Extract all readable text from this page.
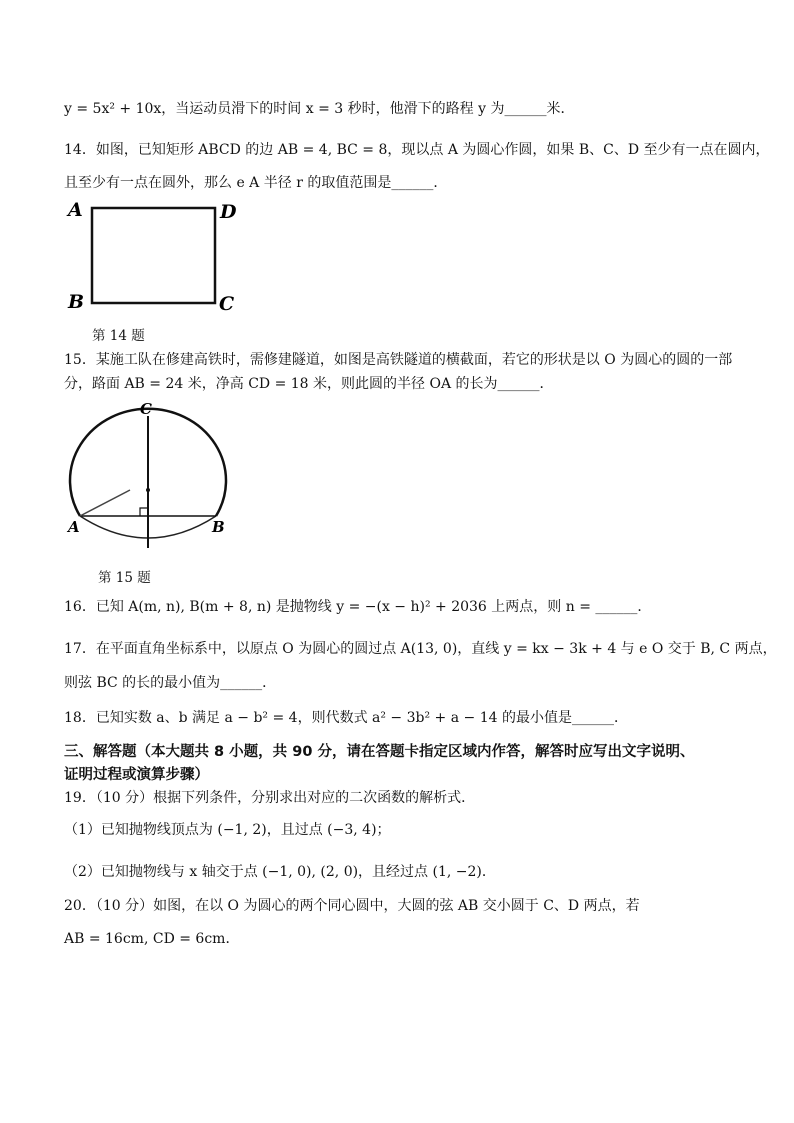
y = 5x² + 10x，当运动员滑下的时间 x = 3 秒时，他滑下的路程 y 为______米．
14．如图，已知矩形 ABCD 的边 AB = 4, BC = 8，现以点 A 为圆心作圆，如果 B、C、D 至少有一点在圆内，
且至少有一点在圆外，那么 e A 半径 r 的取值范围是______．
A	D
B	C
第 14 题
15．某施工队在修建高铁时，需修建隧道，如图是高铁隧道的横截面，若它的形状是以 O 为圆心的圆的一部
分，路面 AB = 24 米，净高 CD = 18 米，则此圆的半径 OA 的长为______．
C
A	B
第 15 题
16．已知 A(m, n), B(m + 8, n) 是抛物线 y = −(x − h)² + 2036 上两点，则 n = ______．
17．在平面直角坐标系中，以原点 O 为圆心的圆过点 A(13, 0)，直线 y = kx − 3k + 4 与 e O 交于 B, C 两点，
则弦 BC 的长的最小值为______．
18．已知实数 a、b 满足 a − b² = 4，则代数式 a² − 3b² + a − 14 的最小值是______．
三、解答题（本大题共 8 小题，共 90 分，请在答题卡指定区域内作答，解答时应写出文字说明、
证明过程或演算步骤）
19．（10 分）根据下列条件，分别求出对应的二次函数的解析式．
（1）已知抛物线顶点为 (−1, 2)，且过点 (−3, 4)；
（2）已知抛物线与 x 轴交于点 (−1, 0), (2, 0)，且经过点 (1, −2)．
20．（10 分）如图，在以 O 为圆心的两个同心圆中，大圆的弦 AB 交小圆于 C、D 两点，若
AB = 16cm, CD = 6cm．
